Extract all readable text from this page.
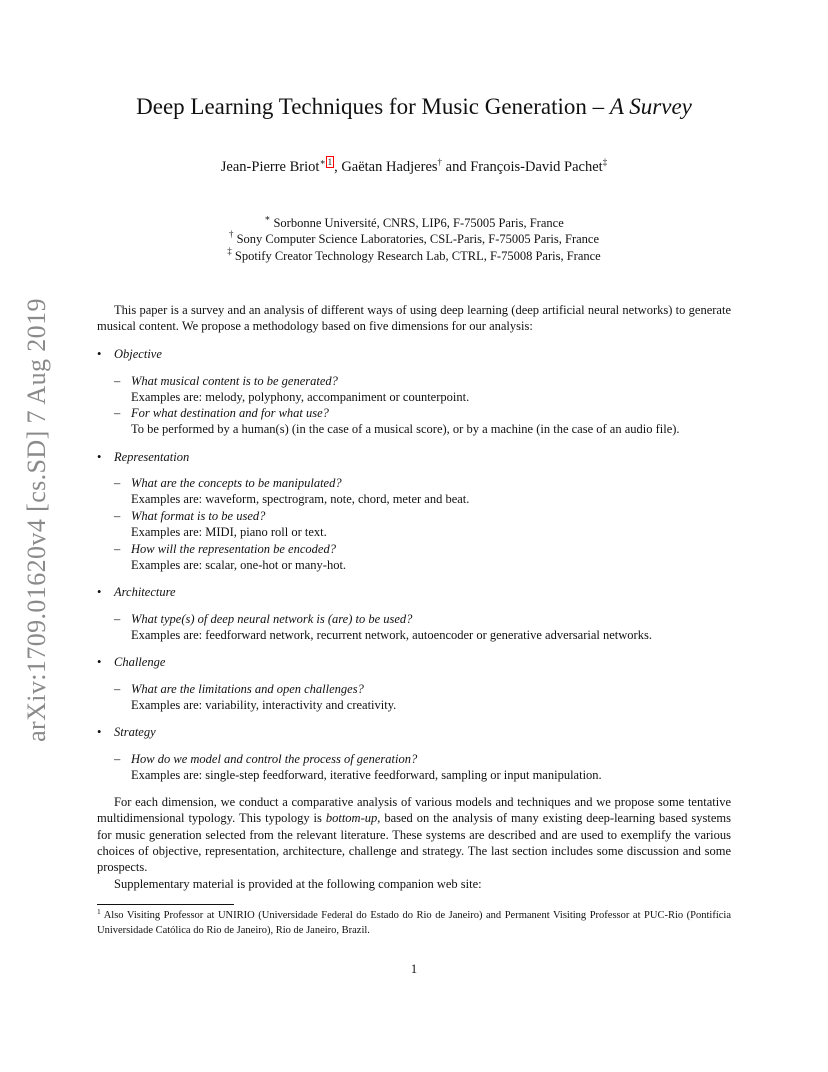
arXiv:1709.01620v4 [cs.SD] 7 Aug 2019
Deep Learning Techniques for Music Generation – A Survey
Jean-Pierre Briot∗ $^1$ , Gaëtan Hadjeres† and François-David Pachet‡
∗ Sorbonne Université, CNRS, LIP6, F-75005 Paris, France
† Sony Computer Science Laboratories, CSL-Paris, F-75005 Paris, France
‡ Spotify Creator Technology Research Lab, CTRL, F-75008 Paris, France
This paper is a survey and an analysis of different ways of using deep learning (deep artificial neural networks) to generate musical content. We propose a methodology based on five dimensions for our analysis:
• Objective
– What musical content is to be generated?
Examples are: melody, polyphony, accompaniment or counterpoint.
– For what destination and for what use?
To be performed by a human(s) (in the case of a musical score), or by a machine (in the case of an audio file).
• Representation
– What are the concepts to be manipulated?
Examples are: waveform, spectrogram, note, chord, meter and beat.
– What format is to be used?
Examples are: MIDI, piano roll or text.
– How will the representation be encoded?
Examples are: scalar, one-hot or many-hot.
• Architecture
– What type(s) of deep neural network is (are) to be used?
Examples are: feedforward network, recurrent network, autoencoder or generative adversarial networks.
• Challenge
– What are the limitations and open challenges?
Examples are: variability, interactivity and creativity.
• Strategy
– How do we model and control the process of generation?
Examples are: single-step feedforward, iterative feedforward, sampling or input manipulation.
For each dimension, we conduct a comparative analysis of various models and techniques and we propose some tentative multidimensional typology. This typology is bottom-up, based on the analysis of many existing deep-learning based systems for music generation selected from the relevant literature. These systems are described and are used to exemplify the various choices of objective, representation, architecture, challenge and strategy. The last section includes some discussion and some prospects.
Supplementary material is provided at the following companion web site:
$^1$ Also Visiting Professor at UNIRIO (Universidade Federal do Estado do Rio de Janeiro) and Permanent Visiting Professor at PUC-Rio (Pontifícia Universidade Católica do Rio de Janeiro), Rio de Janeiro, Brazil.
1
